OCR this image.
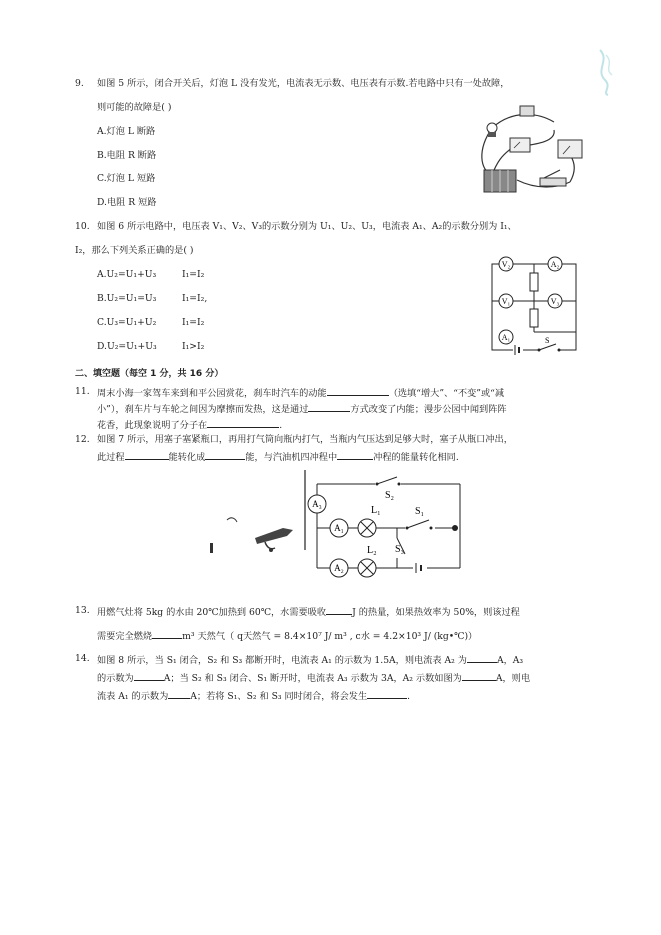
9. 如图 5 所示，闭合开关后，灯泡 L 没有发光，电流表无示数、电压表有示数.若电路中只有一处故障，
则可能的故障是( )
A.灯泡 L 断路
B.电阻 R 断路
C.灯泡 L 短路
D.电阻 R 短路
10. 如图 6 所示电路中，电压表 V₁、V₂、V₃的示数分别为 U₁、U₂、U₃，电流表 A₁、A₂的示数分别为 I₁、
I₂，那么下列关系正确的是( )
A.U₂=U₁+U₃	I₁=I₂
B.U₂=U₁=U₃	I₁=I₂,
C.U₃=U₁+U₂	I₁=I₂
D.U₂=U₁+U₃	I₁>I₂
V₂	A₂
V₁	V₃
A₁	S
二、填空题（每空 1 分，共 16 分）
11. 周末小海一家驾车来到和平公园赏花，刹车时汽车的动能	（选填“增大”、“不变”或“减
小”），刹车片与车轮之间因为摩擦而发热，这是通过	方式改变了内能；漫步公园中闻到阵阵
花香，此现象说明了分子在	.
12. 如图 7 所示，用塞子塞紧瓶口，再用打气筒向瓶内打气，当瓶内气压达到足够大时，塞子从瓶口冲出，
此过程	能转化成	能，与汽油机四冲程中	冲程的能量转化相同.
A₃
A₁
A₂
S₂
L₁	S₁
L₂ S₃
13. 用燃气灶将 5kg 的水由 20℃加热到 60℃，水需要吸收	J 的热量，如果热效率为 50%，则该过程
需要完全燃烧	m³ 天然气（ q天然气 = 8.4×10⁷ J/ m³ , c水 = 4.2×10³ J/ (kg•℃)）
14. 如图 8 所示，当 S₁ 闭合，S₂ 和 S₃ 都断开时，电流表 A₁ 的示数为 1.5A，则电流表 A₂ 为	A，A₃
的示数为	A；当 S₂ 和 S₃ 闭合、S₁ 断开时，电流表 A₃ 示数为 3A，A₂ 示数如图为	A，则电
流表 A₁ 的示数为 A；若将 S₁、S₂ 和 S₃ 同时闭合，将会发生	.
